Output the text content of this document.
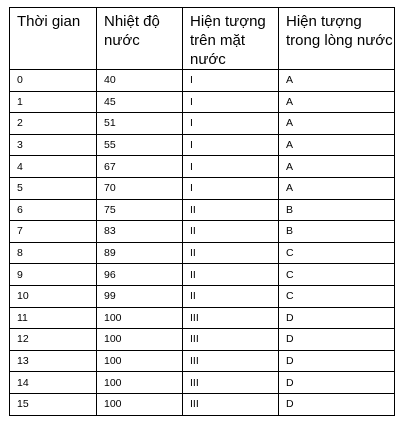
Thời gian	Nhiệt độ nước	Hiện tượng trên mặt nước	Hiện tượng trong lòng nước
0	40	I	A
1	45	I	A
2	51	I	A
3	55	I	A
4	67	I	A
5	70	I	A
6	75	II	B
7	83	II	B
8	89	II	C
9	96	II	C
10	99	II	C
11	100	III	D
12	100	III	D
13	100	III	D
14	100	III	D
15	100	III	D
